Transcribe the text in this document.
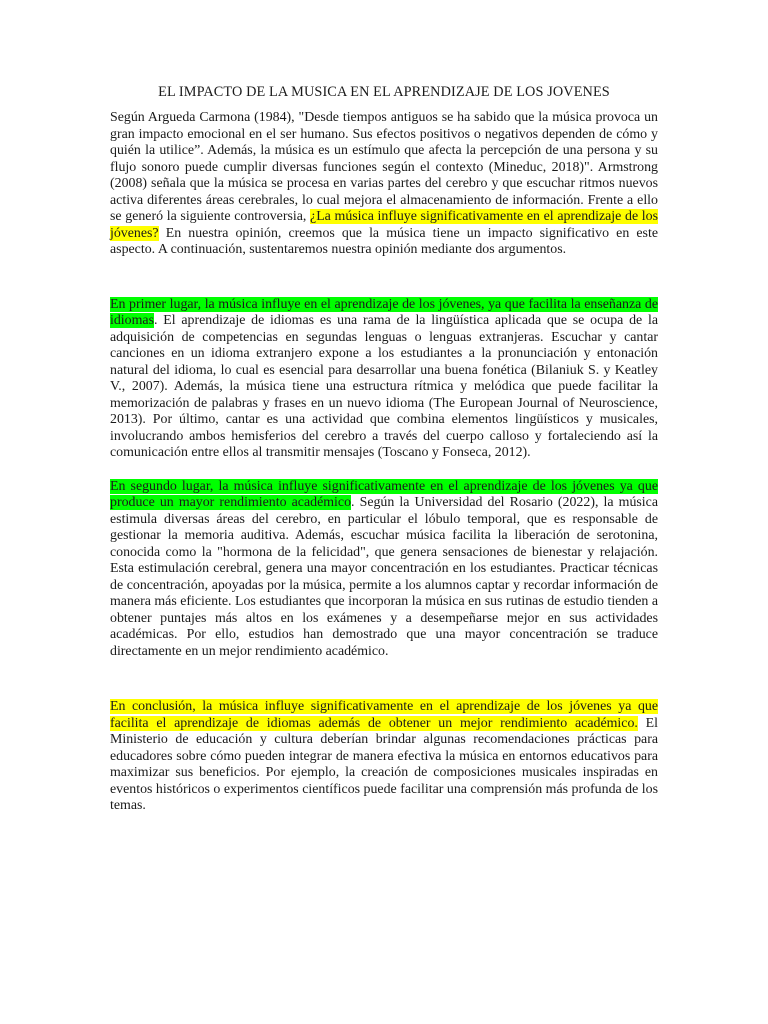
EL IMPACTO DE LA MUSICA EN EL APRENDIZAJE DE LOS JOVENES

Según Argueda Carmona (1984), "Desde tiempos antiguos se ha sabido que la música provoca un gran impacto emocional en el ser humano. Sus efectos positivos o negativos dependen de cómo y quién la utilice”. Además, la música es un estímulo que afecta la percepción de una persona y su flujo sonoro puede cumplir diversas funciones según el contexto (Mineduc, 2018)". Armstrong (2008) señala que la música se procesa en varias partes del cerebro y que escuchar ritmos nuevos activa diferentes áreas cerebrales, lo cual mejora el almacenamiento de información. Frente a ello se generó la siguiente controversia, ¿La música influye significativamente en el aprendizaje de los jóvenes? En nuestra opinión, creemos que la música tiene un impacto significativo en este aspecto. A continuación, sustentaremos nuestra opinión mediante dos argumentos.

En primer lugar, la música influye en el aprendizaje de los jóvenes, ya que facilita la enseñanza de idiomas. El aprendizaje de idiomas es una rama de la lingüística aplicada que se ocupa de la adquisición de competencias en segundas lenguas o lenguas extranjeras. Escuchar y cantar canciones en un idioma extranjero expone a los estudiantes a la pronunciación y entonación natural del idioma, lo cual es esencial para desarrollar una buena fonética (Bilaniuk S. y Keatley V., 2007). Además, la música tiene una estructura rítmica y melódica que puede facilitar la memorización de palabras y frases en un nuevo idioma (The European Journal of Neuroscience, 2013). Por último, cantar es una actividad que combina elementos lingüísticos y musicales, involucrando ambos hemisferios del cerebro a través del cuerpo calloso y fortaleciendo así la comunicación entre ellos al transmitir mensajes (Toscano y Fonseca, 2012).

En segundo lugar, la música influye significativamente en el aprendizaje de los jóvenes ya que produce un mayor rendimiento académico. Según la Universidad del Rosario (2022), la música estimula diversas áreas del cerebro, en particular el lóbulo temporal, que es responsable de gestionar la memoria auditiva. Además, escuchar música facilita la liberación de serotonina, conocida como la "hormona de la felicidad", que genera sensaciones de bienestar y relajación. Esta estimulación cerebral, genera una mayor concentración en los estudiantes. Practicar técnicas de concentración, apoyadas por la música, permite a los alumnos captar y recordar información de manera más eficiente. Los estudiantes que incorporan la música en sus rutinas de estudio tienden a obtener puntajes más altos en los exámenes y a desempeñarse mejor en sus actividades académicas. Por ello, estudios han demostrado que una mayor concentración se traduce directamente en un mejor rendimiento académico.

En conclusión, la música influye significativamente en el aprendizaje de los jóvenes ya que facilita el aprendizaje de idiomas además de obtener un mejor rendimiento académico. El Ministerio de educación y cultura deberían brindar algunas recomendaciones prácticas para educadores sobre cómo pueden integrar de manera efectiva la música en entornos educativos para maximizar sus beneficios. Por ejemplo, la creación de composiciones musicales inspiradas en eventos históricos o experimentos científicos puede facilitar una comprensión más profunda de los temas.
